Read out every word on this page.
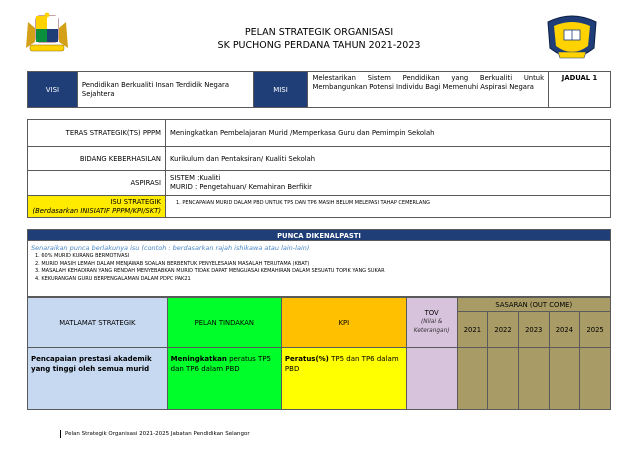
PELAN STRATEGIK ORGANISASI
SK PUCHONG PERDANA TAHUN 2021-2023
VISI	Pendidikan Berkualiti Insan Terdidik Negara Sejahtera	MISI	Melestarikan Sistem Pendidikan yang Berkualiti Untuk Membangunkan Potensi Individu Bagi Memenuhi Aspirasi Negara	JADUAL 1
TERAS STRATEGIK(TS) PPPM	Meningkatkan Pembelajaran Murid /Memperkasa Guru dan Pemimpin Sekolah
BIDANG KEBERHASILAN	Kurikulum dan Pentaksiran/ Kualiti Sekolah
ASPIRASI	SISTEM :Kualiti
MURID : Pengetahuan/ Kemahiran Berfikir

ISU STRATEGIK
(Berdasarkan INISIATIF PPPM/KPI/SKT)	1. PENCAPAIAN MURID DALAM PBD UNTUK TP5 DAN TP6 MASIH BELUM MELEPASI TAHAP CEMERLANG
PUNCA DIKENALPASTI
Senaraikan punca berlakunya isu (contoh : berdasarkan rajah ishikawa atau lain-lain)
1. 60% MURID KURANG BERMOTIVASI
2. MURID MASIH LEMAH DALAM MENJAWAB SOALAN BERBENTUK PENYELESAIAN MASALAH TERUTAMA (KBAT)
3. MASALAH KEHADIRAN YANG RENDAH MENYEBABKAN MURID TIDAK DAPAT MENGUASAI KEMAHIRAN DALAM SESUATU TOPIK YANG SUKAR
4. KEKURANGAN GURU BERPENGALAMAN DALAM PDPC PAK21
MATLAMAT STRATEGIK	PELAN TINDAKAN	KPI	TOV
(Nilai & Keterangan)	SASARAN (OUT COME)				
				2021	2022	2023	2024	2025
Pencapaian prestasi akademik yang tinggi oleh semua murid	Meningkatkan peratus TP5 dan TP6 dalam PBD	Peratus(%) TP5 dan TP6 dalam PBD						
Pelan Strategik Organisasi 2021-2025 Jabatan Pendidikan Selangor
